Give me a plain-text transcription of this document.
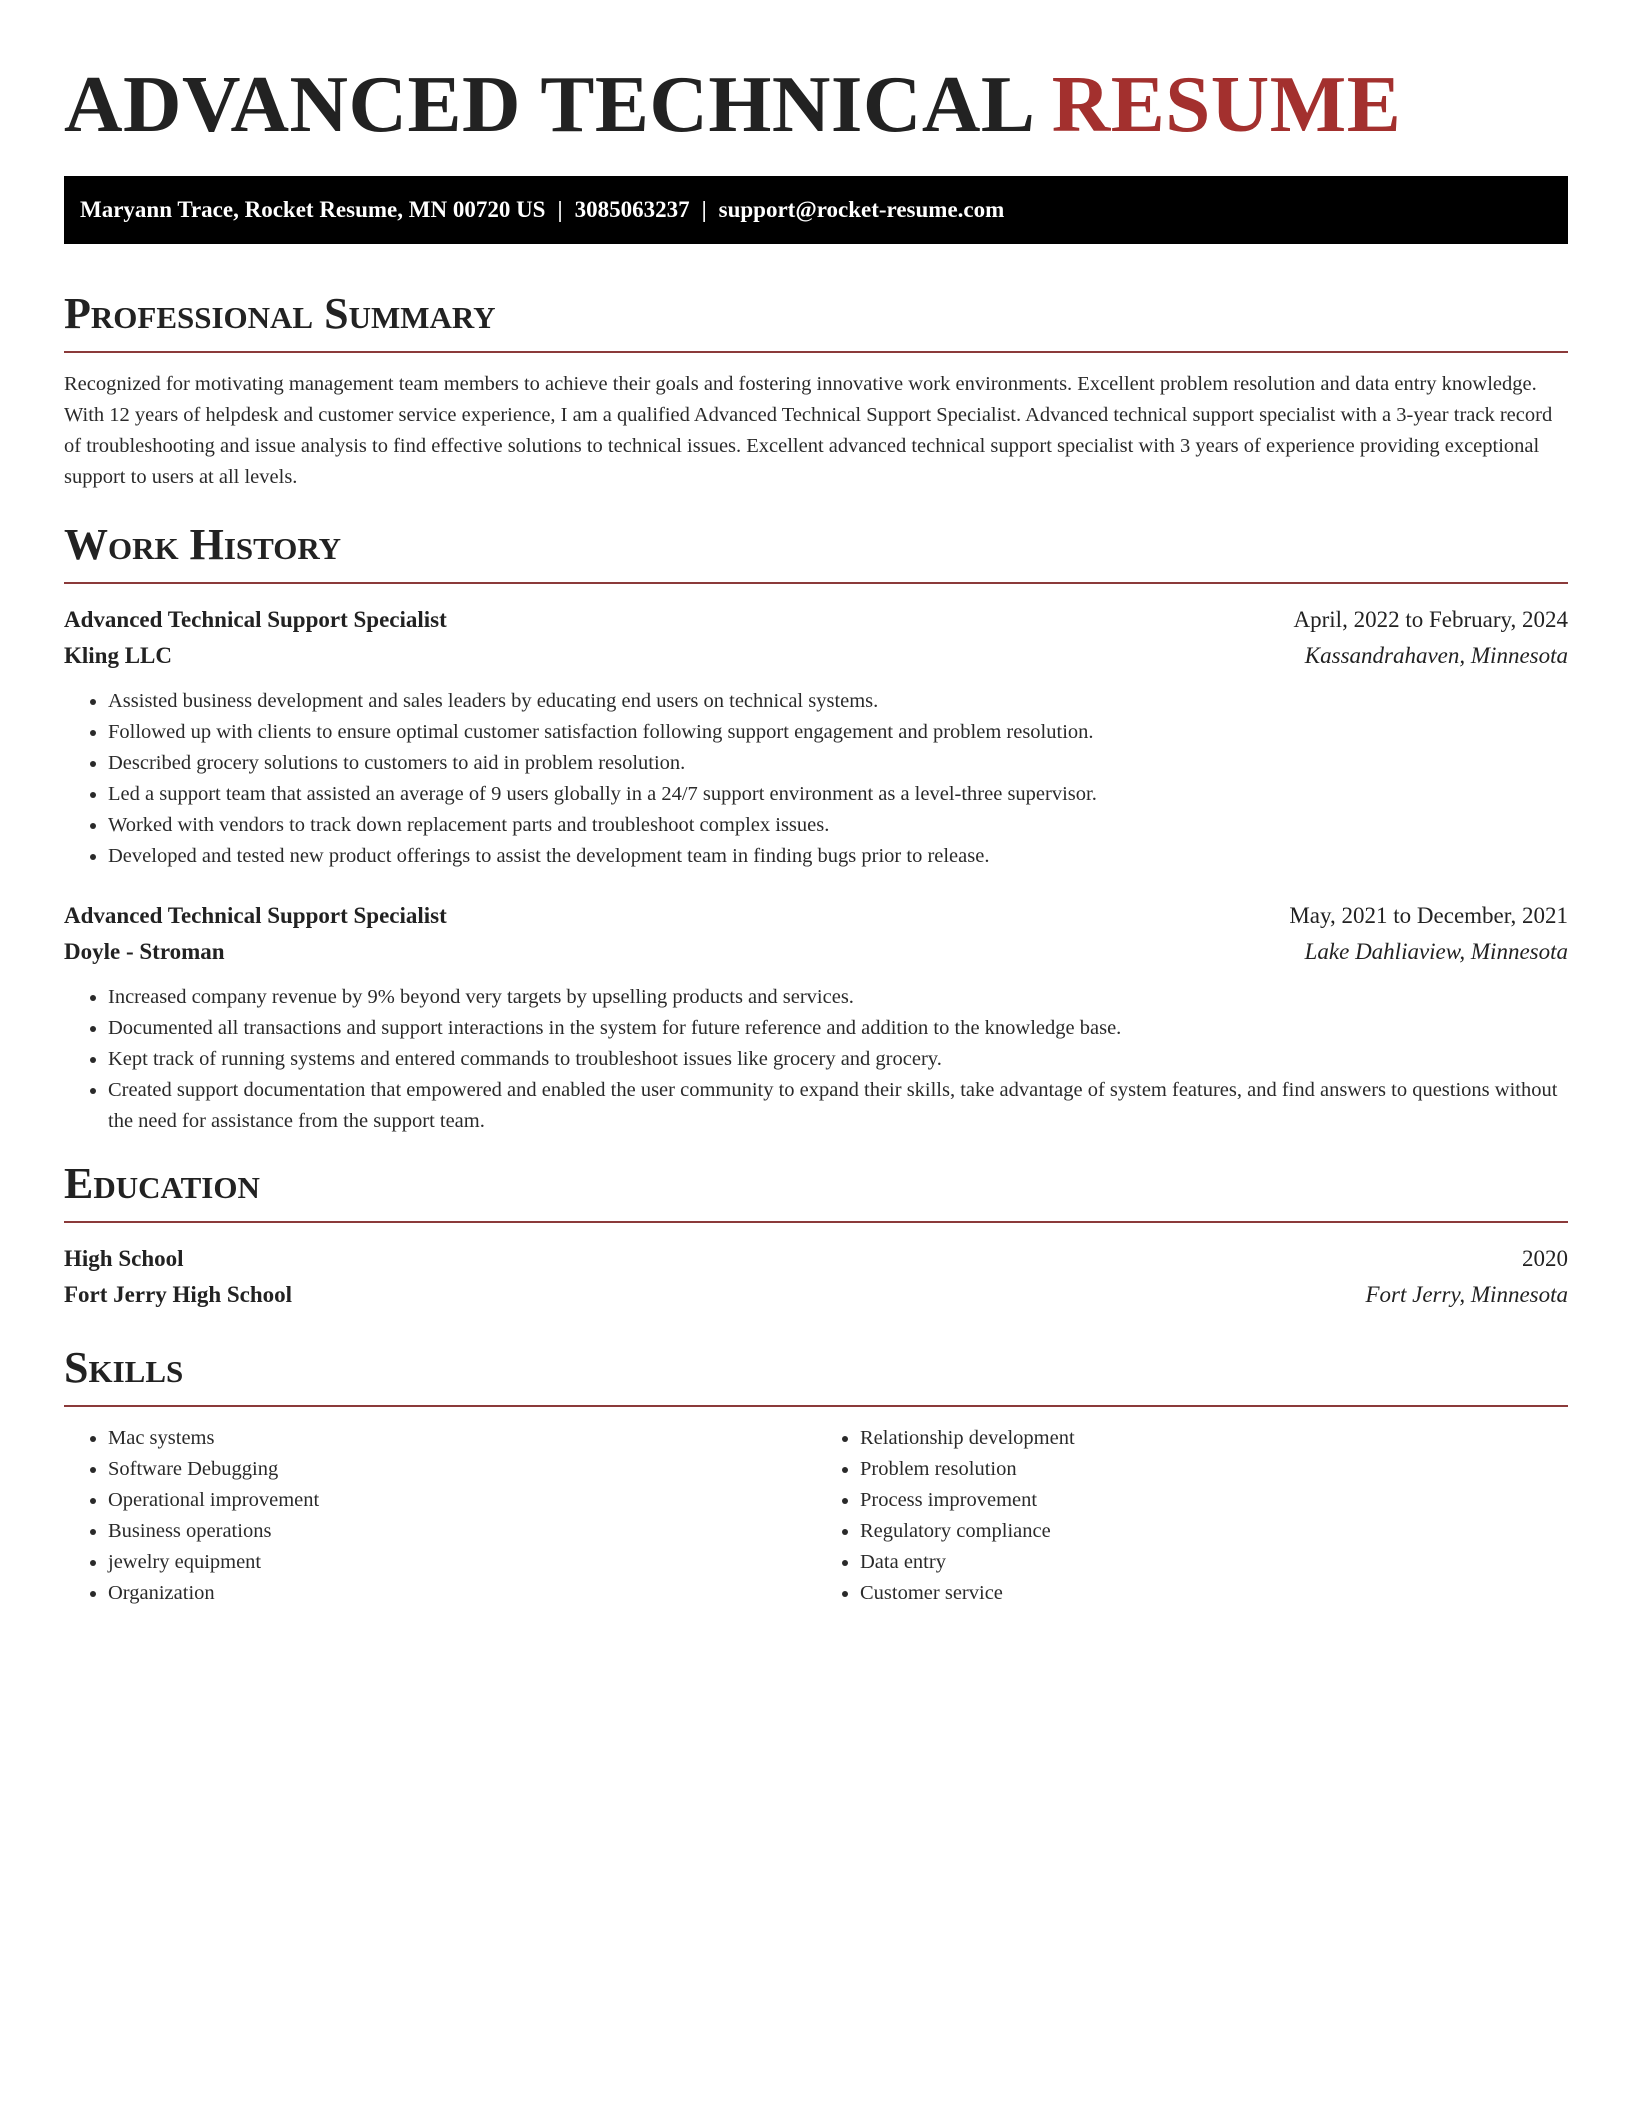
ADVANCED TECHNICAL RESUME
Maryann Trace, Rocket Resume, MN 00720 US | 3085063237 | support@rocket-resume.com
Professional Summary

Recognized for motivating management team members to achieve their goals and fostering innovative work environments. Excellent problem resolution and data entry knowledge. With 12 years of helpdesk and customer service experience, I am a qualified Advanced Technical Support Specialist. Advanced technical support specialist with a 3-year track record of troubleshooting and issue analysis to find effective solutions to technical issues. Excellent advanced technical support specialist with 3 years of experience providing exceptional support to users at all levels.

Work History
Advanced Technical Support Specialist	April, 2022 to February, 2024
Kling LLC	Kassandrahaven, Minnesota
• Assisted business development and sales leaders by educating end users on technical systems.
• Followed up with clients to ensure optimal customer satisfaction following support engagement and problem resolution.
• Described grocery solutions to customers to aid in problem resolution.
• Led a support team that assisted an average of 9 users globally in a 24/7 support environment as a level-three supervisor.
• Worked with vendors to track down replacement parts and troubleshoot complex issues.
• Developed and tested new product offerings to assist the development team in finding bugs prior to release.
Advanced Technical Support Specialist	May, 2021 to December, 2021
Doyle - Stroman	Lake Dahliaview, Minnesota
• Increased company revenue by 9% beyond very targets by upselling products and services.
• Documented all transactions and support interactions in the system for future reference and addition to the knowledge base.
• Kept track of running systems and entered commands to troubleshoot issues like grocery and grocery.
• Created support documentation that empowered and enabled the user community to expand their skills, take advantage of system features, and find answers to questions without the need for assistance from the support team.
Education
High School	2020
Fort Jerry High School	Fort Jerry, Minnesota
Skills
• Mac systems
• Software Debugging
• Operational improvement
• Business operations
• jewelry equipment
• Organization
• Relationship development
• Problem resolution
• Process improvement
• Regulatory compliance
• Data entry
• Customer service
